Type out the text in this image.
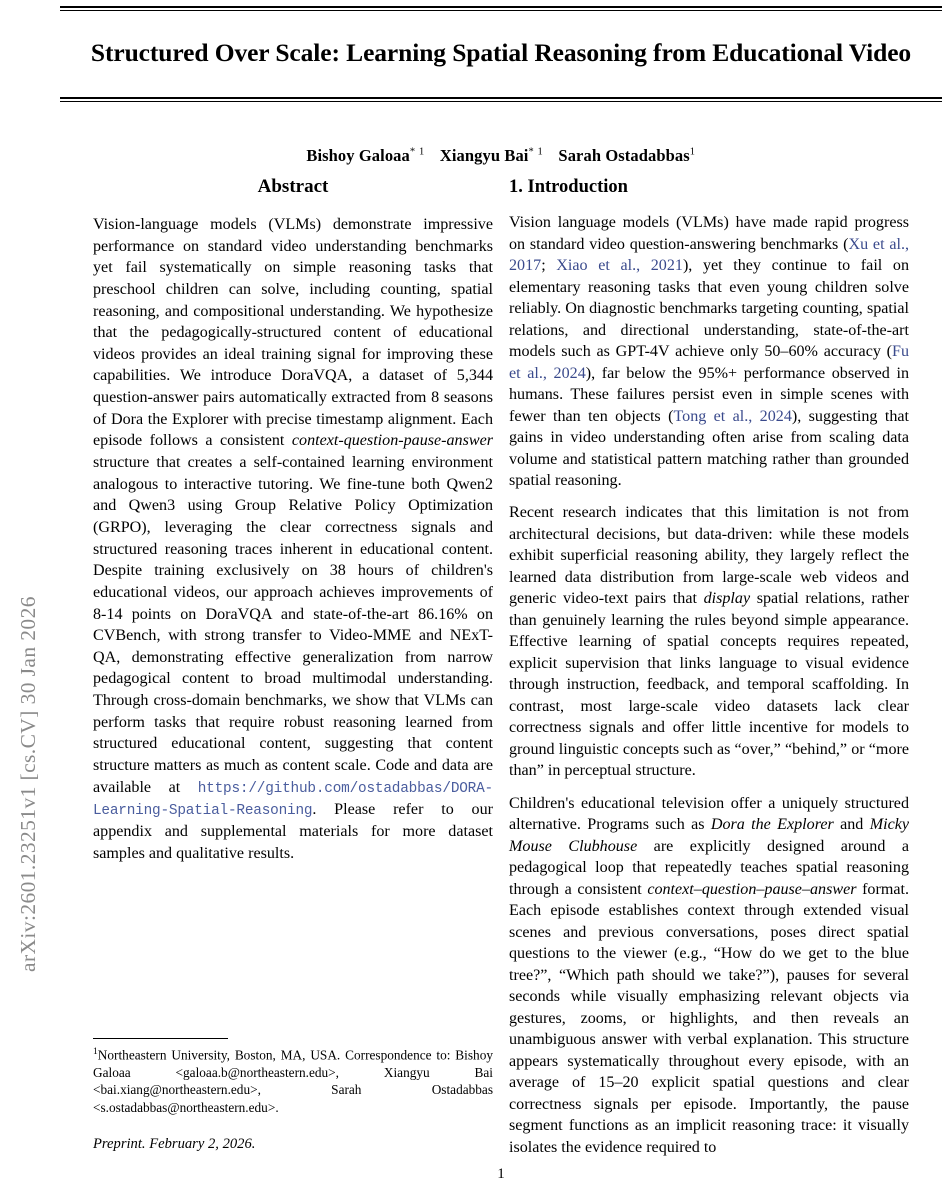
arXiv:2601.23251v1 [cs.CV] 30 Jan 2026
Structured Over Scale: Learning Spatial Reasoning from Educational Video
Bishoy Galoaa$^{* 1}$ Xiangyu Bai$^{* 1}$ Sarah Ostadabbas$^1$
Abstract

Vision-language models (VLMs) demonstrate impressive performance on standard video understanding benchmarks yet fail systematically on simple reasoning tasks that preschool children can solve, including counting, spatial reasoning, and compositional understanding. We hypothesize that the pedagogically-structured content of educational videos provides an ideal training signal for improving these capabilities. We introduce DoraVQA, a dataset of 5,344 question-answer pairs automatically extracted from 8 seasons of Dora the Explorer with precise timestamp alignment. Each episode follows a consistent context-question-pause-answer structure that creates a self-contained learning environment analogous to interactive tutoring. We fine-tune both Qwen2 and Qwen3 using Group Relative Policy Optimization (GRPO), leveraging the clear correctness signals and structured reasoning traces inherent in educational content. Despite training exclusively on 38 hours of children's educational videos, our approach achieves improvements of 8-14 points on DoraVQA and state-of-the-art 86.16% on CVBench, with strong transfer to Video-MME and NExT-QA, demonstrating effective generalization from narrow pedagogical content to broad multimodal understanding. Through cross-domain benchmarks, we show that VLMs can perform tasks that require robust reasoning learned from structured educational content, suggesting that content structure matters as much as content scale. Code and data are available at https://github.com/ostadabbas/DORA-Learning-Spatial-Reasoning. Please refer to our appendix and supplemental materials for more dataset samples and qualitative results.

1. Introduction

Vision language models (VLMs) have made rapid progress on standard video question-answering benchmarks (Xu et al., 2017; Xiao et al., 2021), yet they continue to fail on elementary reasoning tasks that even young children solve reliably. On diagnostic benchmarks targeting counting, spatial relations, and directional understanding, state-of-the-art models such as GPT-4V achieve only 50–60% accuracy (Fu et al., 2024), far below the 95%+ performance observed in humans. These failures persist even in simple scenes with fewer than ten objects (Tong et al., 2024), suggesting that gains in video understanding often arise from scaling data volume and statistical pattern matching rather than grounded spatial reasoning.

Recent research indicates that this limitation is not from architectural decisions, but data-driven: while these models exhibit superficial reasoning ability, they largely reflect the learned data distribution from large-scale web videos and generic video-text pairs that display spatial relations, rather than genuinely learning the rules beyond simple appearance. Effective learning of spatial concepts requires repeated, explicit supervision that links language to visual evidence through instruction, feedback, and temporal scaffolding. In contrast, most large-scale video datasets lack clear correctness signals and offer little incentive for models to ground linguistic concepts such as “over,” “behind,” or “more than” in perceptual structure.

Children's educational television offer a uniquely structured alternative. Programs such as Dora the Explorer and Micky Mouse Clubhouse are explicitly designed around a pedagogical loop that repeatedly teaches spatial reasoning through a consistent context–question–pause–answer format. Each episode establishes context through extended visual scenes and previous conversations, poses direct spatial questions to the viewer (e.g., “How do we get to the blue tree?”, “Which path should we take?”), pauses for several seconds while visually emphasizing relevant objects via gestures, zooms, or highlights, and then reveals an unambiguous answer with verbal explanation. This structure appears systematically throughout every episode, with an average of 15–20 explicit spatial questions and clear correctness signals per episode. Importantly, the pause segment functions as an implicit reasoning trace: it visually isolates the evidence required to

$^1$Northeastern University, Boston, MA, USA. Correspondence to: Bishoy Galoaa <galoaa.b@northeastern.edu>, Xiangyu Bai <bai.xiang@northeastern.edu>, Sarah Ostadabbas <s.ostadabbas@northeastern.edu>.

Preprint. February 2, 2026.
1
